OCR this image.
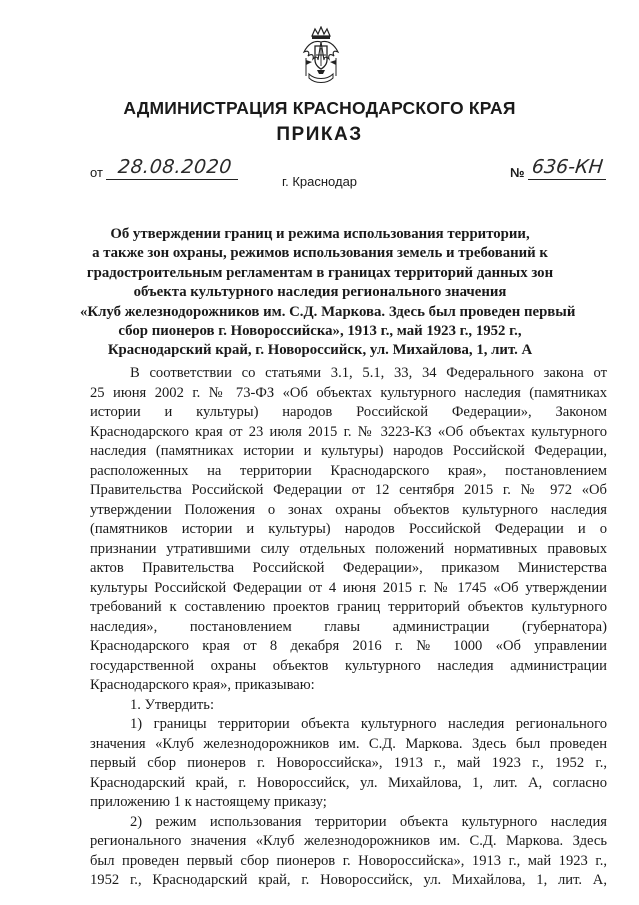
АДМИНИСТРАЦИЯ КРАСНОДАРСКОГО КРАЯ
ПРИКАЗ
от 28.08.2020	№ 636-КН
г. Краснодар
Об утверждении границ и режима использования территории,
а также зон охраны, режимов использования земель и требований к
градостроительным регламентам в границах территорий данных зон
объекта культурного наследия регионального значения
«Клуб железнодорожников им. С.Д. Маркова. Здесь был проведен первый
сбор пионеров г. Новороссийска», 1913 г., май 1923 г., 1952 г.,
Краснодарский край, г. Новороссийск, ул. Михайлова, 1, лит. А
В соответствии со статьями 3.1, 5.1, 33, 34 Федерального закона от
25 июня 2002 г. № 73-ФЗ «Об объектах культурного наследия (памятниках
истории и культуры) народов Российской Федерации», Законом
Краснодарского края от 23 июля 2015 г. № 3223-КЗ «Об объектах культурного
наследия (памятниках истории и культуры) народов Российской Федерации,
расположенных на территории Краснодарского края», постановлением
Правительства Российской Федерации от 12 сентября 2015 г. № 972 «Об
утверждении Положения о зонах охраны объектов культурного наследия
(памятников истории и культуры) народов Российской Федерации и о
признании утратившими силу отдельных положений нормативных правовых
актов Правительства Российской Федерации», приказом Министерства
культуры Российской Федерации от 4 июня 2015 г. № 1745 «Об утверждении
требований к составлению проектов границ территорий объектов культурного
наследия», постановлением главы администрации (губернатора)
Краснодарского края от 8 декабря 2016 г. № 1000 «Об управлении
государственной охраны объектов культурного наследия администрации
Краснодарского края», приказываю:
1. Утвердить:
1) границы территории объекта культурного наследия регионального
значения «Клуб железнодорожников им. С.Д. Маркова. Здесь был проведен
первый сбор пионеров г. Новороссийска», 1913 г., май 1923 г., 1952 г.,
Краснодарский край, г. Новороссийск, ул. Михайлова, 1, лит. А, согласно
приложению 1 к настоящему приказу;
2) режим использования территории объекта культурного наследия
регионального значения «Клуб железнодорожников им. С.Д. Маркова. Здесь
был проведен первый сбор пионеров г. Новороссийска», 1913 г., май 1923 г.,
1952 г., Краснодарский край, г. Новороссийск, ул. Михайлова, 1, лит. А,
